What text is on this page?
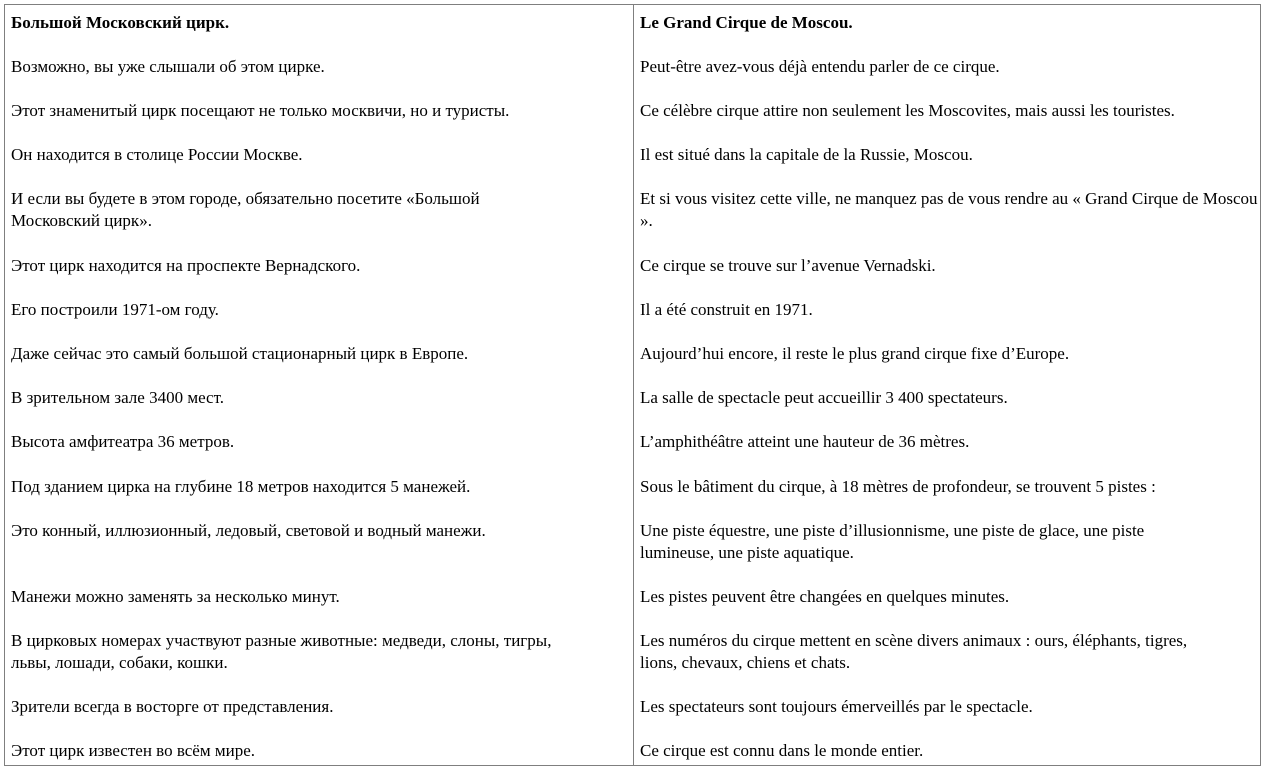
Большой Московский цирк.

Возможно, вы уже слышали об этом цирке.

Этот знаменитый цирк посещают не только москвичи, но и туристы.

Он находится в столице России Москве.

И если вы будете в этом городе, обязательно посетите «Большой Московский цирк».

Этот цирк находится на проспекте Вернадского.

Его построили 1971-ом году.

Даже сейчас это самый большой стационарный цирк в Европе.

В зрительном зале 3400 мест.

Высота амфитеатра 36 метров.

Под зданием цирка на глубине 18 метров находится 5 манежей.

Это конный, иллюзионный, ледовый, световой и водный манежи.

Манежи можно заменять за несколько минут.

В цирковых номерах участвуют разные животные: медведи, слоны, тигры, львы, лошади, собаки, кошки.

Зрители всегда в восторге от представления.

Этот цирк известен во всём мире.

Le Grand Cirque de Moscou.

Peut-être avez-vous déjà entendu parler de ce cirque.

Ce célèbre cirque attire non seulement les Moscovites, mais aussi les touristes.

Il est situé dans la capitale de la Russie, Moscou.

Et si vous visitez cette ville, ne manquez pas de vous rendre au « Grand Cirque de Moscou ».

Ce cirque se trouve sur l’avenue Vernadski.

Il a été construit en 1971.

Aujourd’hui encore, il reste le plus grand cirque fixe d’Europe.

La salle de spectacle peut accueillir 3 400 spectateurs.

L’amphithéâtre atteint une hauteur de 36 mètres.

Sous le bâtiment du cirque, à 18 mètres de profondeur, se trouvent 5 pistes :

Une piste équestre, une piste d’illusionnisme, une piste de glace, une piste lumineuse, une piste aquatique.

Les pistes peuvent être changées en quelques minutes.

Les numéros du cirque mettent en scène divers animaux : ours, éléphants, tigres, lions, chevaux, chiens et chats.

Les spectateurs sont toujours émerveillés par le spectacle.

Ce cirque est connu dans le monde entier.
